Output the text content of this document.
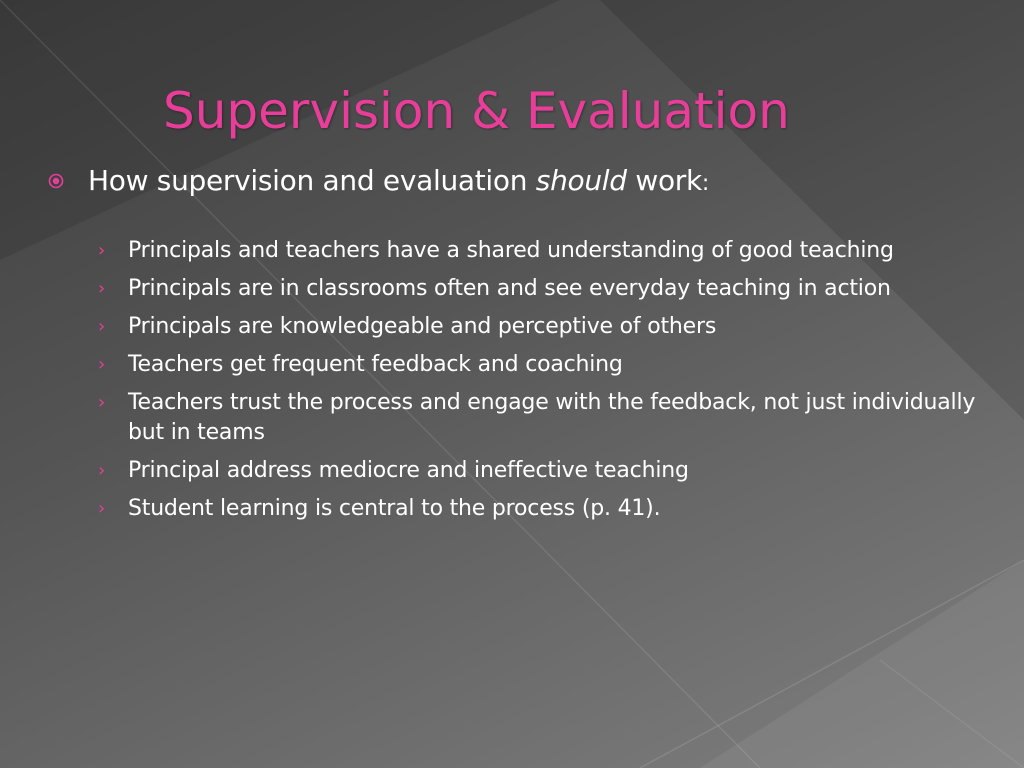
Supervision & Evaluation

How supervision and evaluation should work:

› Principals and teachers have a shared understanding of good teaching
› Principals are in classrooms often and see everyday teaching in action
› Principals are knowledgeable and perceptive of others
› Teachers get frequent feedback and coaching
› Teachers trust the process and engage with the feedback, not just individually but in teams
› Principal address mediocre and ineffective teaching
› Student learning is central to the process (p. 41).
